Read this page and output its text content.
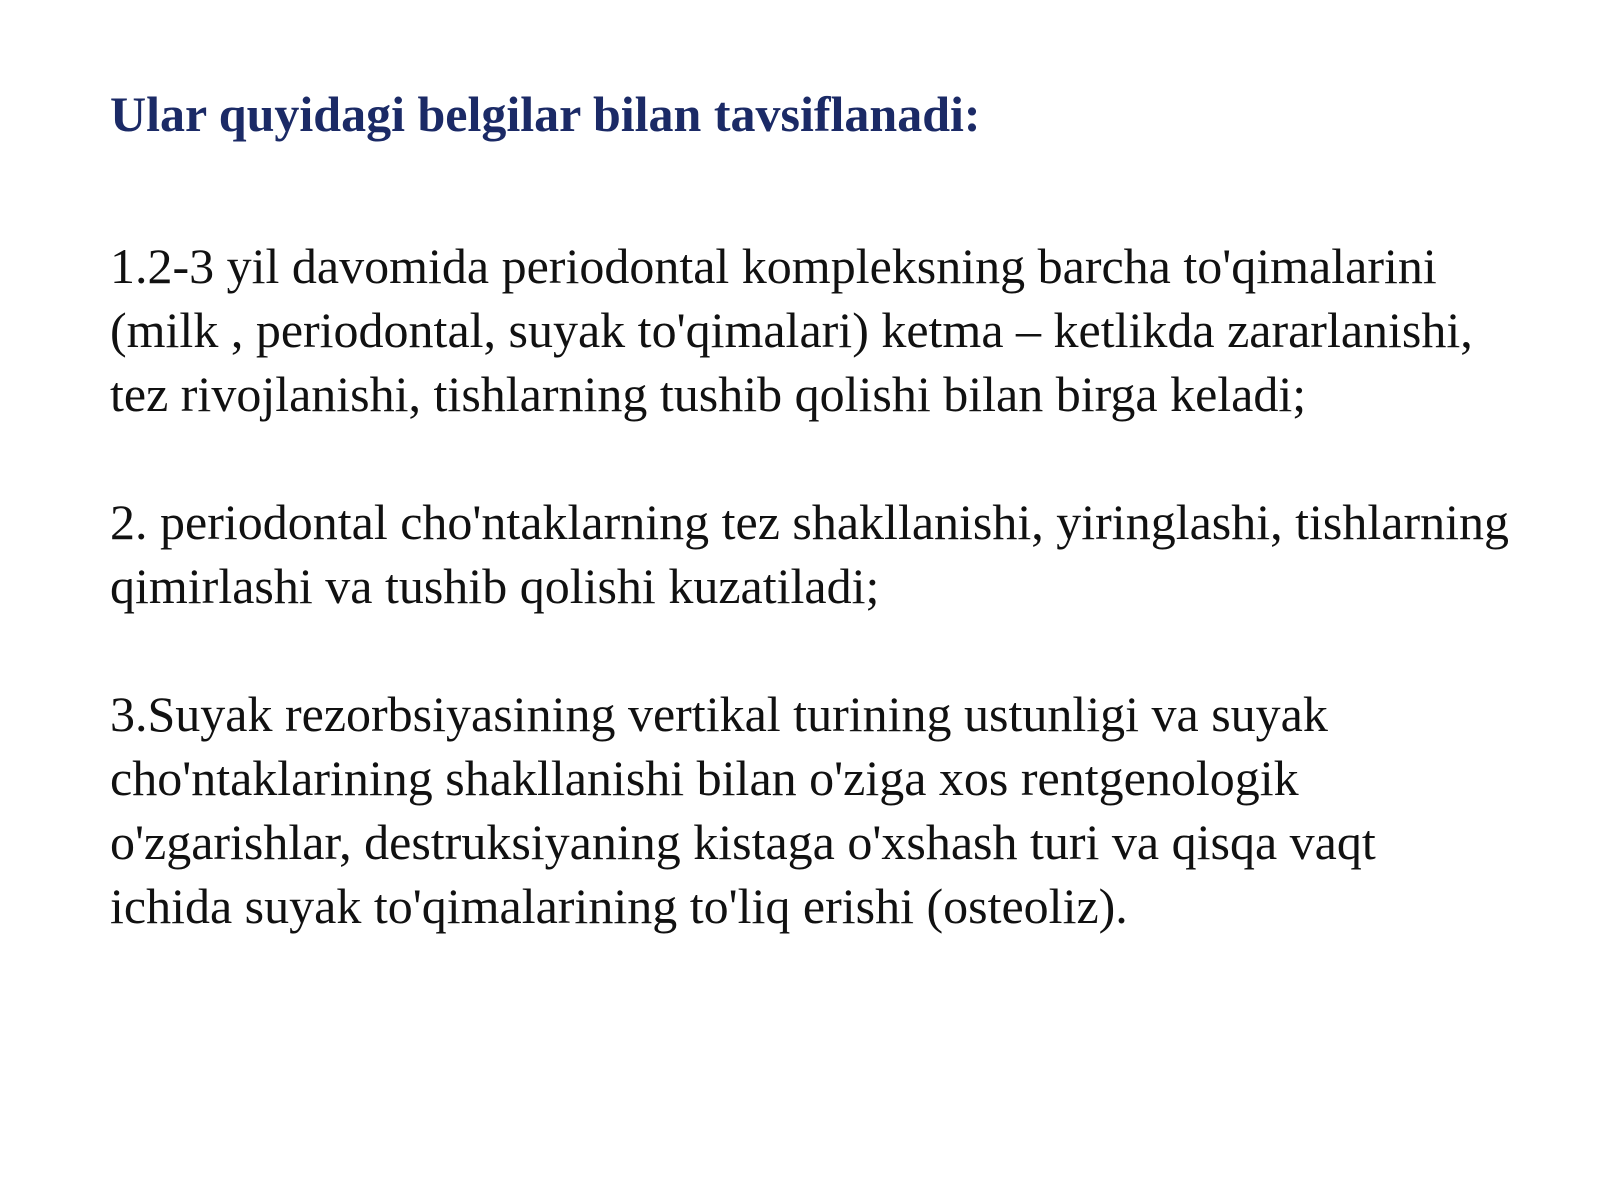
Ular quyidagi belgilar bilan tavsiflanadi:

1.2-3 yil davomida periodontal kompleksning barcha to'qimalarini (milk , periodontal, suyak to'qimalari) ketma – ketlikda zararlanishi, tez rivojlanishi, tishlarning tushib qolishi bilan birga keladi;

2. periodontal cho'ntaklarning tez shakllanishi, yiringlashi, tishlarning qimirlashi va tushib qolishi kuzatiladi;

3.Suyak rezorbsiyasining vertikal turining ustunligi va suyak cho'ntaklarining shakllanishi bilan o'ziga xos rentgenologik o'zgarishlar, destruksiyaning kistaga o'xshash turi va qisqa vaqt ichida suyak to'qimalarining to'liq erishi (osteoliz).
